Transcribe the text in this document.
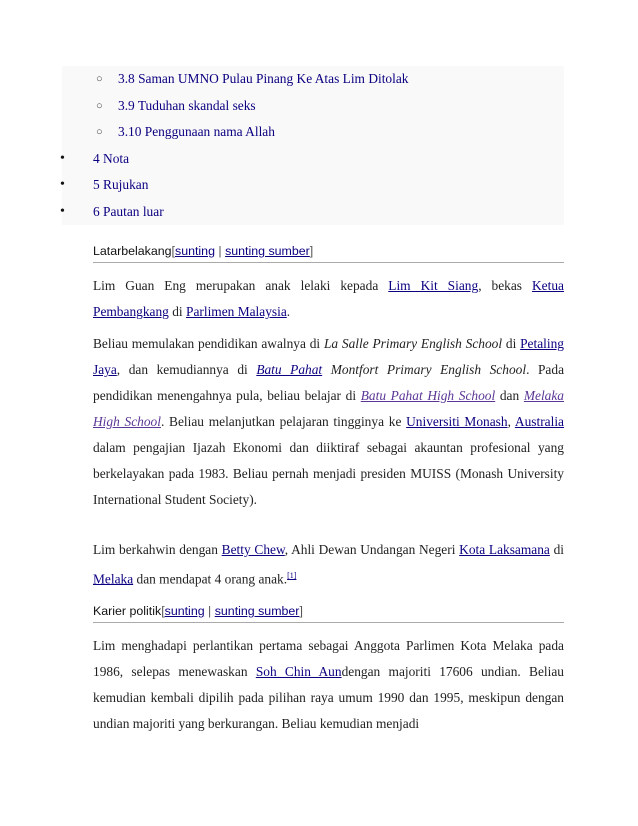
○ 3.8 Saman UMNO Pulau Pinang Ke Atas Lim Ditolak
○ 3.9 Tuduhan skandal seks
○ 3.10 Penggunaan nama Allah
• 4 Nota
• 5 Rujukan
• 6 Pautan luar
Latarbelakang[sunting | sunting sumber]

Lim Guan Eng merupakan anak lelaki kepada Lim Kit Siang, bekas Ketua Pembangkang di Parlimen Malaysia.

Beliau memulakan pendidikan awalnya di La Salle Primary English School di Petaling Jaya, dan kemudiannya di Batu Pahat Montfort Primary English School. Pada pendidikan menengahnya pula, beliau belajar di Batu Pahat High School dan Melaka High School. Beliau melanjutkan pelajaran tingginya ke Universiti Monash, Australia dalam pengajian Ijazah Ekonomi dan diiktiraf sebagai akauntan profesional yang berkelayakan pada 1983. Beliau pernah menjadi presiden MUISS (Monash University International Student Society).

Lim berkahwin dengan Betty Chew, Ahli Dewan Undangan Negeri Kota Laksamana di Melaka dan mendapat 4 orang anak.[1]

Karier politik[sunting | sunting sumber]

Lim menghadapi perlantikan pertama sebagai Anggota Parlimen Kota Melaka pada 1986, selepas menewaskan Soh Chin Aundengan majoriti 17606 undian. Beliau kemudian kembali dipilih pada pilihan raya umum 1990 dan 1995, meskipun dengan undian majoriti yang berkurangan. Beliau kemudian menjadi
